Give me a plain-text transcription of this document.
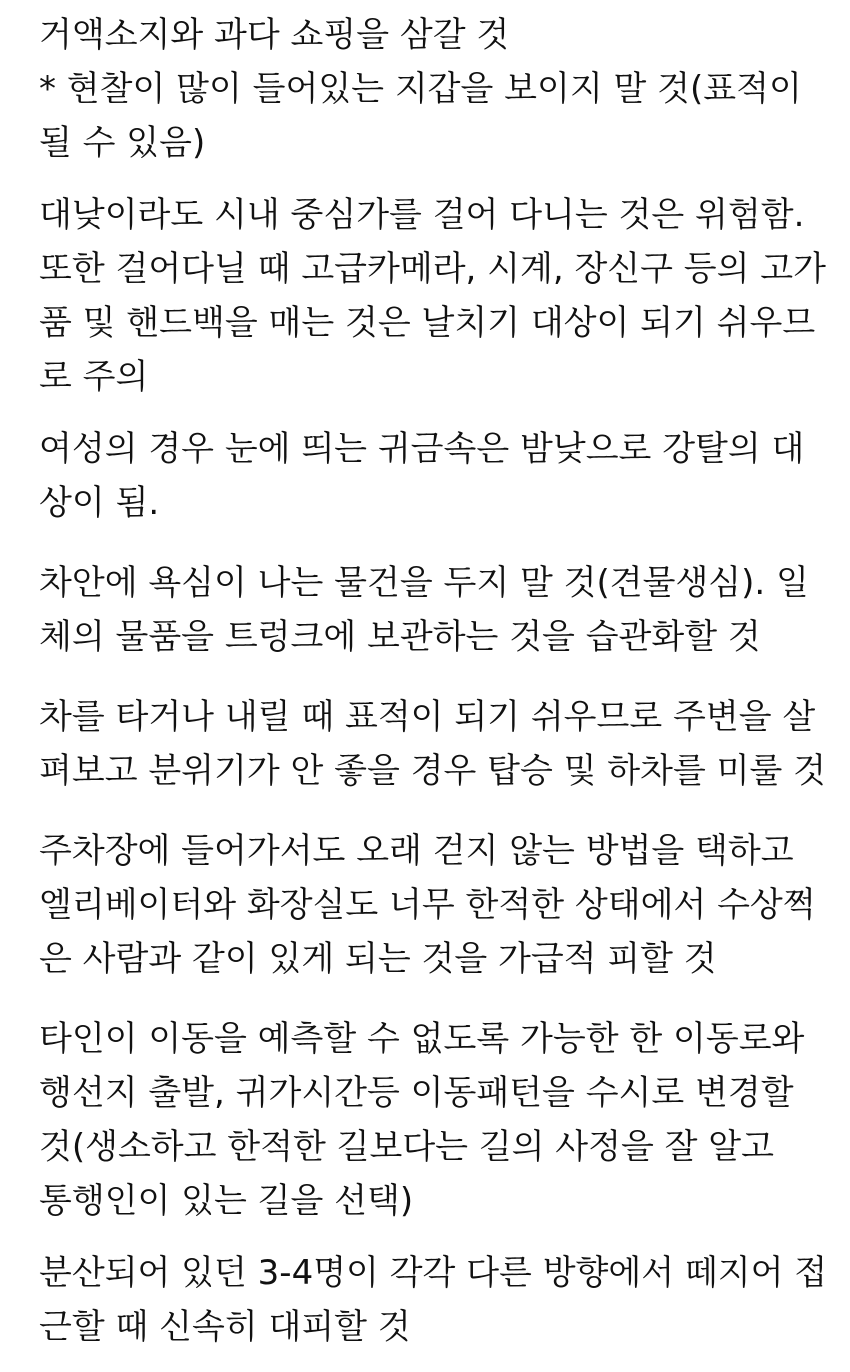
거액소지와 과다 쇼핑을 삼갈 것
* 현찰이 많이 들어있는 지갑을 보이지 말 것(표적이
될 수 있음)
대낮이라도 시내 중심가를 걸어 다니는 것은 위험함.
또한 걸어다닐 때 고급카메라, 시계, 장신구 등의 고가
품 및 핸드백을 매는 것은 날치기 대상이 되기 쉬우므
로 주의
여성의 경우 눈에 띄는 귀금속은 밤낮으로 강탈의 대
상이 됨.
차안에 욕심이 나는 물건을 두지 말 것(견물생심). 일
체의 물품을 트렁크에 보관하는 것을 습관화할 것
차를 타거나 내릴 때 표적이 되기 쉬우므로 주변을 살
펴보고 분위기가 안 좋을 경우 탑승 및 하차를 미룰 것
주차장에 들어가서도 오래 걷지 않는 방법을 택하고
엘리베이터와 화장실도 너무 한적한 상태에서 수상쩍
은 사람과 같이 있게 되는 것을 가급적 피할 것
타인이 이동을 예측할 수 없도록 가능한 한 이동로와
행선지 출발, 귀가시간등 이동패턴을 수시로 변경할
것(생소하고 한적한 길보다는 길의 사정을 잘 알고
통행인이 있는 길을 선택)
분산되어 있던 3-4명이 각각 다른 방향에서 떼지어 접
근할 때 신속히 대피할 것
